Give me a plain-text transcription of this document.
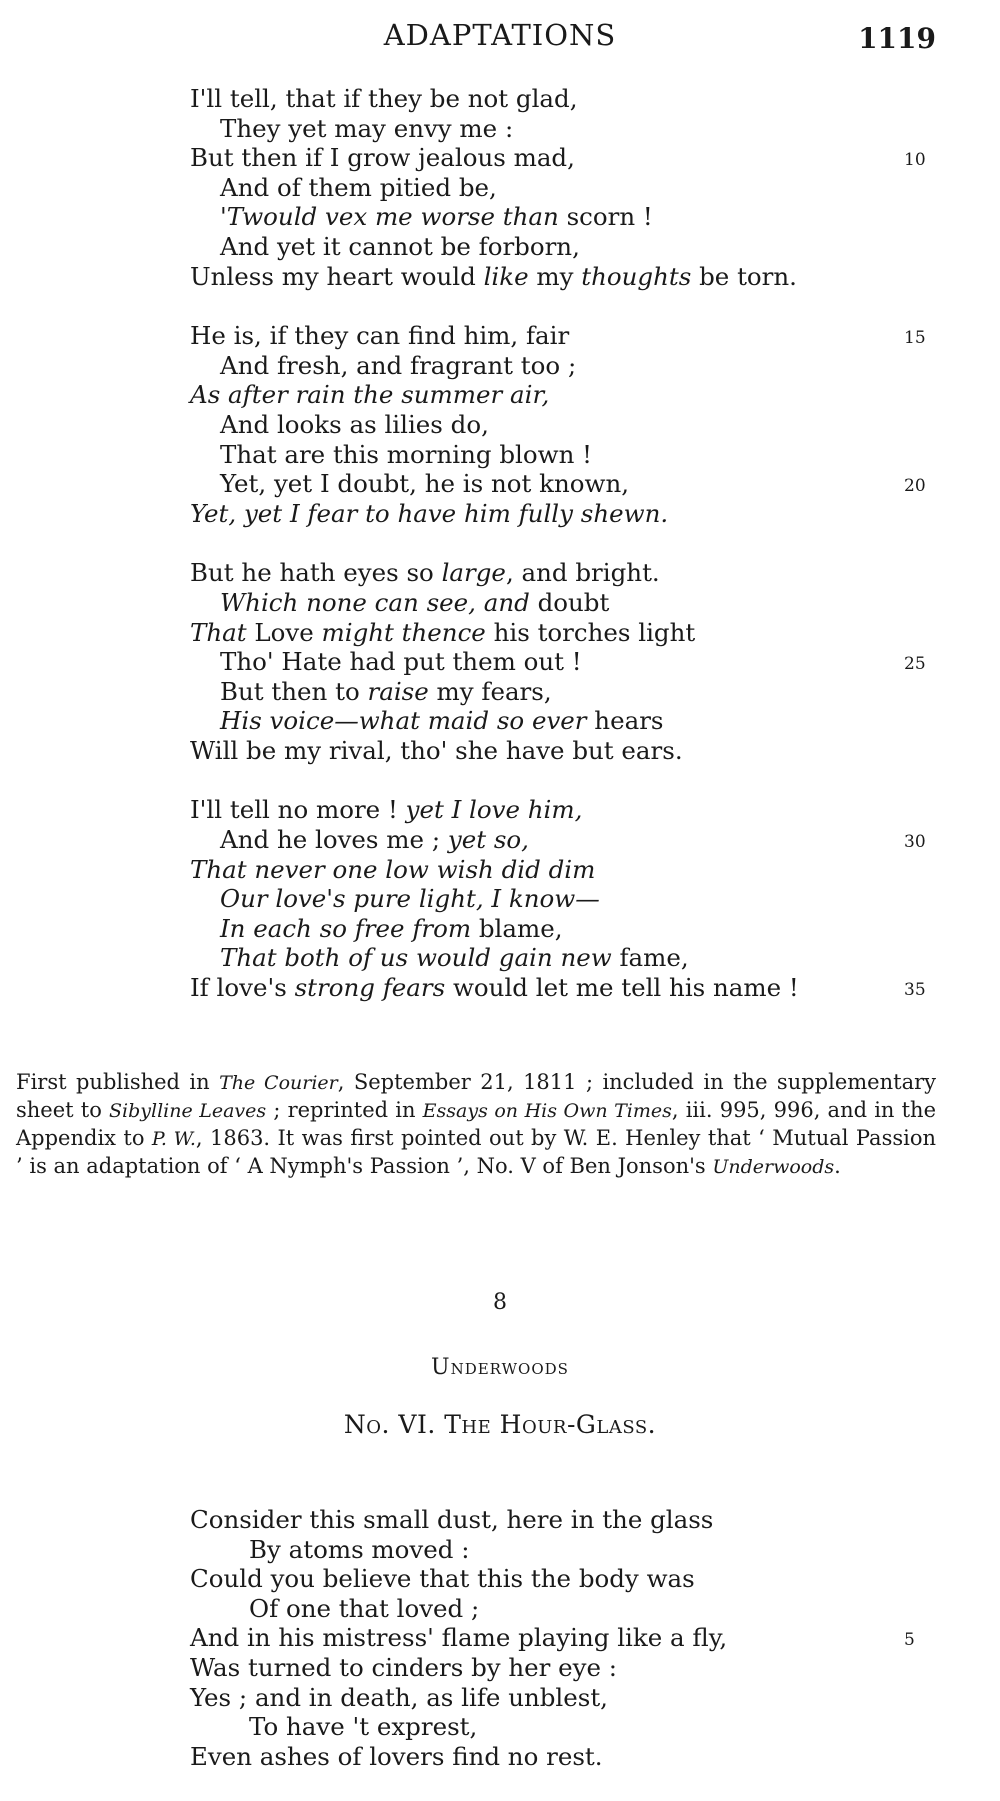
ADAPTATIONS	1119
I'll tell, that if they be not glad,
They yet may envy me :
But then if I grow jealous mad,	10
And of them pitied be,
'Twould vex me worse than scorn !
And yet it cannot be forborn,
Unless my heart would like my thoughts be torn.
He is, if they can find him, fair	15
And fresh, and fragrant too ;
As after rain the summer air,
And looks as lilies do,
That are this morning blown !
Yet, yet I doubt, he is not known,	20
Yet, yet I fear to have him fully shewn.
But he hath eyes so large, and bright.
Which none can see, and doubt
That Love might thence his torches light
Tho' Hate had put them out !	25
But then to raise my fears,
His voice—what maid so ever hears
Will be my rival, tho' she have but ears.
I'll tell no more ! yet I love him,
And he loves me ; yet so,	30
That never one low wish did dim
Our love's pure light, I know—
In each so free from blame,
That both of us would gain new fame,
If love's strong fears would let me tell his name !	35
First published in The Courier, September 21, 1811 ; included in the supplementary sheet to Sibylline Leaves ; reprinted in Essays on His Own Times, iii. 995, 996, and in the Appendix to P. W., 1863. It was first pointed out by W. E. Henley that ‘ Mutual Passion ’ is an adaptation of ‘ A Nymph's Passion ’, No. V of Ben Jonson's Underwoods.
8
Underwoods
No. VI. The Hour-Glass.
Consider this small dust, here in the glass
By atoms moved :
Could you believe that this the body was
Of one that loved ;
And in his mistress' flame playing like a fly,	5
Was turned to cinders by her eye :
Yes ; and in death, as life unblest,
To have 't exprest,
Even ashes of lovers find no rest.
